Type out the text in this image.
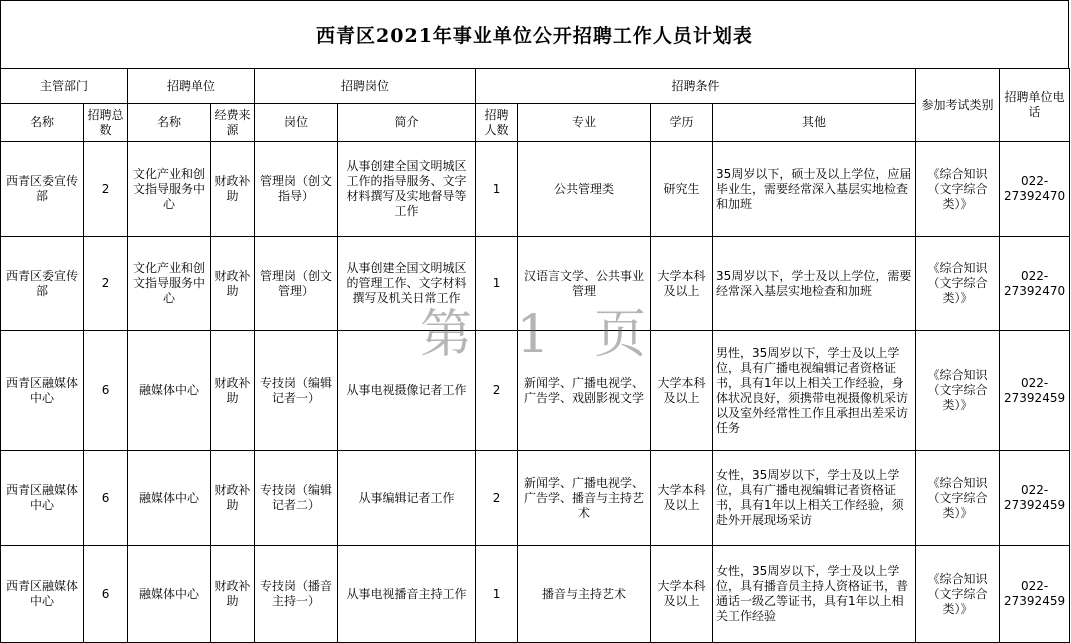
西青区2021年事业单位公开招聘工作人员计划表
主管部门		招聘单位		招聘岗位		招聘条件				参加考试类别	招聘单位电话
名称	招聘总数	名称	经费来源	岗位	简介	招聘人数	专业	学历	其他		
西青区委宣传部	2	文化产业和创文指导服务中心	财政补助	管理岗（创文指导）	从事创建全国文明城区工作的指导服务、文字材料撰写及实地督导等工作	1	公共管理类	研究生	35周岁以下，硕士及以上学位，应届毕业生，需要经常深入基层实地检查和加班	《综合知识（文字综合类）》	022-27392470
西青区委宣传部	2	文化产业和创文指导服务中心	财政补助	管理岗（创文管理）	从事创建全国文明城区的管理工作、文字材料撰写及机关日常工作	1	汉语言文学、公共事业管理	大学本科及以上	35周岁以下，学士及以上学位，需要经常深入基层实地检查和加班	《综合知识（文字综合类）》	022-27392470
西青区融媒体中心	6	融媒体中心	财政补助	专技岗（编辑记者一）	从事电视摄像记者工作	2	新闻学、广播电视学、广告学、戏剧影视文学	大学本科及以上	男性，35周岁以下，学士及以上学位，具有广播电视编辑记者资格证书，具有1年以上相关工作经验，身体状况良好，须携带电视摄像机采访以及室外经常性工作且承担出差采访任务	《综合知识（文字综合类）》	022-27392459
西青区融媒体中心	6	融媒体中心	财政补助	专技岗（编辑记者二）	从事编辑记者工作	2	新闻学、广播电视学、广告学、播音与主持艺术	大学本科及以上	女性，35周岁以下，学士及以上学位，具有广播电视编辑记者资格证书，具有1年以上相关工作经验，须赴外开展现场采访	《综合知识（文字综合类）》	022-27392459
西青区融媒体中心	6	融媒体中心	财政补助	专技岗（播音主持一）	从事电视播音主持工作	1	播音与主持艺术	大学本科及以上	女性，35周岁以下，学士及以上学位，具有播音员主持人资格证书，普通话一级乙等证书，具有1年以上相关工作经验	《综合知识（文字综合类）》	022-27392459
第 1 页
